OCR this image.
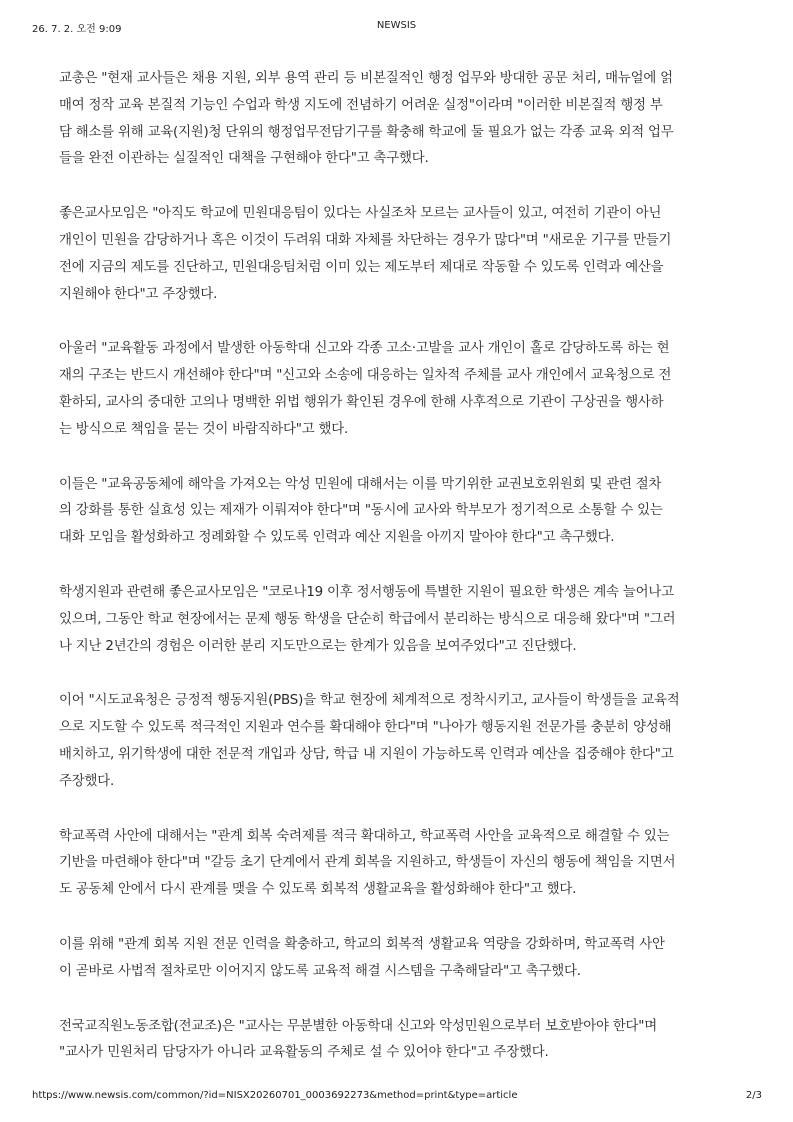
26. 7. 2. 오전 9:09	NEWSIS

교총은 "현재 교사들은 채용 지원, 외부 용역 관리 등 비본질적인 행정 업무와 방대한 공문 처리, 매뉴얼에 얽
매여 정작 교육 본질적 기능인 수업과 학생 지도에 전념하기 어려운 실정"이라며 "이러한 비본질적 행정 부
담 해소를 위해 교육(지원)청 단위의 행정업무전담기구를 확충해 학교에 둘 필요가 없는 각종 교육 외적 업무
들을 완전 이관하는 실질적인 대책을 구현해야 한다"고 촉구했다.

좋은교사모임은 "아직도 학교에 민원대응팀이 있다는 사실조차 모르는 교사들이 있고, 여전히 기관이 아닌
개인이 민원을 감당하거나 혹은 이것이 두려워 대화 자체를 차단하는 경우가 많다"며 "새로운 기구를 만들기
전에 지금의 제도를 진단하고, 민원대응팀처럼 이미 있는 제도부터 제대로 작동할 수 있도록 인력과 예산을
지원해야 한다"고 주장했다.

아울러 "교육활동 과정에서 발생한 아동학대 신고와 각종 고소·고발을 교사 개인이 홀로 감당하도록 하는 현
재의 구조는 반드시 개선해야 한다"며 "신고와 소송에 대응하는 일차적 주체를 교사 개인에서 교육청으로 전
환하되, 교사의 중대한 고의나 명백한 위법 행위가 확인된 경우에 한해 사후적으로 기관이 구상권을 행사하
는 방식으로 책임을 묻는 것이 바람직하다"고 했다.

이들은 "교육공동체에 해악을 가져오는 악성 민원에 대해서는 이를 막기위한 교권보호위원회 및 관련 절차
의 강화를 통한 실효성 있는 제재가 이뤄져야 한다"며 "동시에 교사와 학부모가 정기적으로 소통할 수 있는
대화 모임을 활성화하고 정례화할 수 있도록 인력과 예산 지원을 아끼지 말아야 한다"고 촉구했다.

학생지원과 관련해 좋은교사모임은 "코로나19 이후 정서행동에 특별한 지원이 필요한 학생은 계속 늘어나고
있으며, 그동안 학교 현장에서는 문제 행동 학생을 단순히 학급에서 분리하는 방식으로 대응해 왔다"며 "그러
나 지난 2년간의 경험은 이러한 분리 지도만으로는 한계가 있음을 보여주었다"고 진단했다.

이어 "시도교육청은 긍정적 행동지원(PBS)을 학교 현장에 체계적으로 정착시키고, 교사들이 학생들을 교육적
으로 지도할 수 있도록 적극적인 지원과 연수를 확대해야 한다"며 "나아가 행동지원 전문가를 충분히 양성해
배치하고, 위기학생에 대한 전문적 개입과 상담, 학급 내 지원이 가능하도록 인력과 예산을 집중해야 한다"고
주장했다.

학교폭력 사안에 대해서는 "관계 회복 숙려제를 적극 확대하고, 학교폭력 사안을 교육적으로 해결할 수 있는
기반을 마련해야 한다"며 "갈등 초기 단계에서 관계 회복을 지원하고, 학생들이 자신의 행동에 책임을 지면서
도 공동체 안에서 다시 관계를 맺을 수 있도록 회복적 생활교육을 활성화해야 한다"고 했다.

이를 위해 "관계 회복 지원 전문 인력을 확충하고, 학교의 회복적 생활교육 역량을 강화하며, 학교폭력 사안
이 곧바로 사법적 절차로만 이어지지 않도록 교육적 해결 시스템을 구축해달라"고 촉구했다.

전국교직원노동조합(전교조)은 "교사는 무분별한 아동학대 신고와 악성민원으로부터 보호받아야 한다"며
"교사가 민원처리 담당자가 아니라 교육활동의 주체로 설 수 있어야 한다"고 주장했다.

https://www.newsis.com/common/?id=NISX20260701_0003692273&method=print&type=article	2/3
